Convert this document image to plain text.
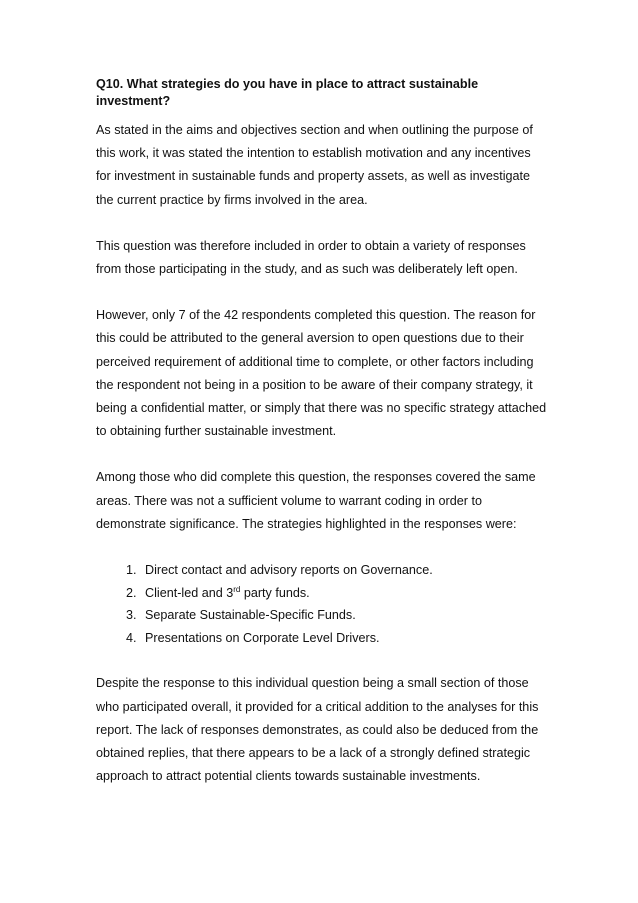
Q10. What strategies do you have in place to attract sustainable investment?

As stated in the aims and objectives section and when outlining the purpose of this work, it was stated the intention to establish motivation and any incentives for investment in sustainable funds and property assets, as well as investigate the current practice by firms involved in the area.

This question was therefore included in order to obtain a variety of responses from those participating in the study, and as such was deliberately left open.

However, only 7 of the 42 respondents completed this question. The reason for this could be attributed to the general aversion to open questions due to their perceived requirement of additional time to complete, or other factors including the respondent not being in a position to be aware of their company strategy, it being a confidential matter, or simply that there was no specific strategy attached to obtaining further sustainable investment.

Among those who did complete this question, the responses covered the same areas. There was not a sufficient volume to warrant coding in order to demonstrate significance. The strategies highlighted in the responses were:

1. Direct contact and advisory reports on Governance.
2. Client-led and 3rd party funds.
3. Separate Sustainable-Specific Funds.
4. Presentations on Corporate Level Drivers.

Despite the response to this individual question being a small section of those who participated overall, it provided for a critical addition to the analyses for this report. The lack of responses demonstrates, as could also be deduced from the obtained replies, that there appears to be a lack of a strongly defined strategic approach to attract potential clients towards sustainable investments.
